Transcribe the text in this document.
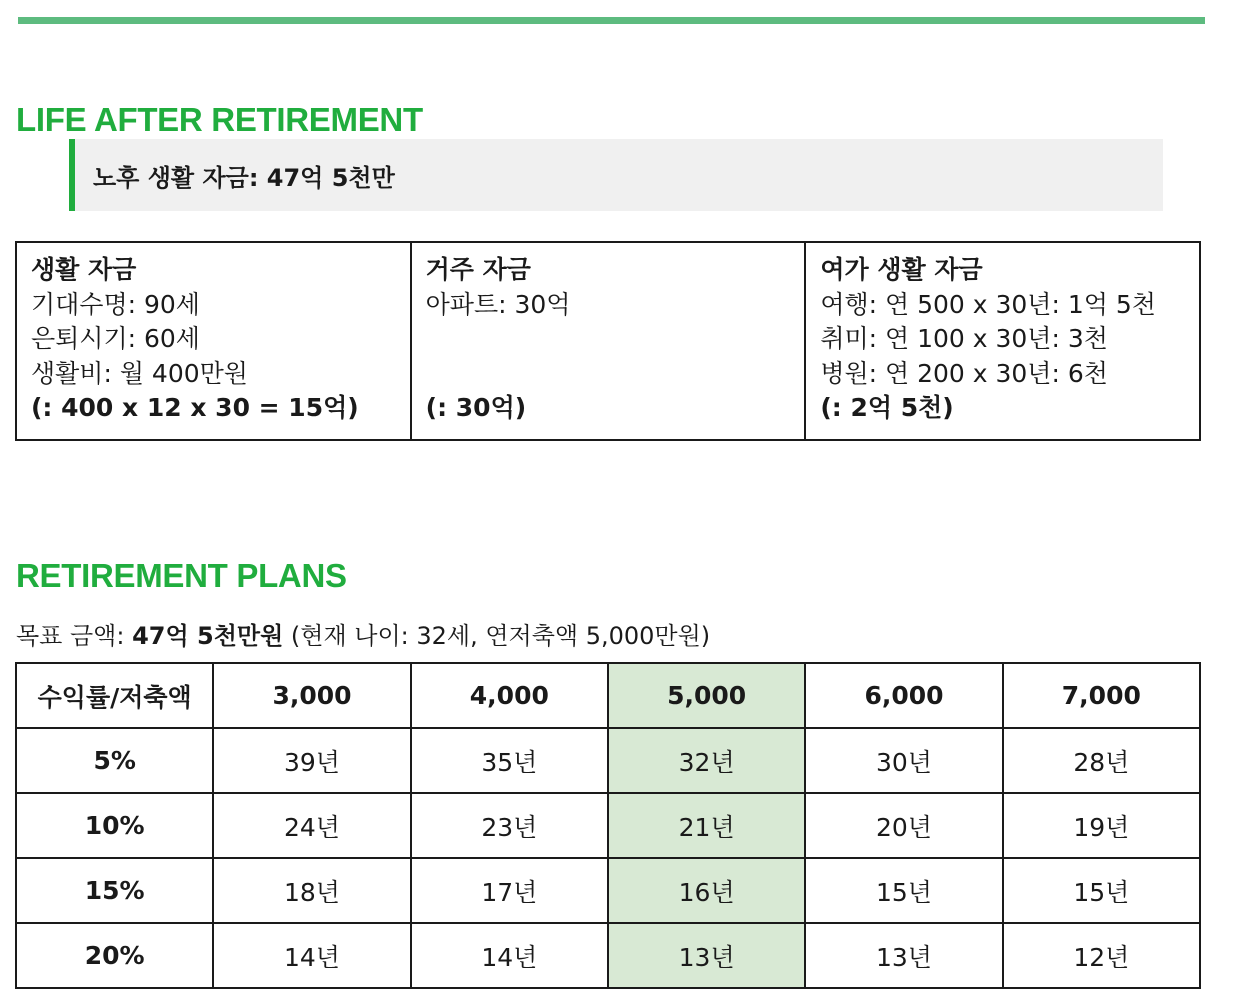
LIFE AFTER RETIREMENT
노후 생활 자금: 47억 5천만
생활 자금
기대수명: 90세
은퇴시기: 60세
생활비: 월 400만원
(: 400 x 12 x 30 = 15억)

거주 자금
아파트: 30억
(: 30억)

여가 생활 자금
여행: 연 500 x 30년: 1억 5천
취미: 연 100 x 30년: 3천
병원: 연 200 x 30년: 6천
(: 2억 5천)
RETIREMENT PLANS
목표 금액: 47억 5천만원 (현재 나이: 32세, 연저축액 5,000만원)
수익률/저축액	3,000	4,000	5,000	6,000	7,000
5%	39년	35년	32년	30년	28년
10%	24년	23년	21년	20년	19년
15%	18년	17년	16년	15년	15년
20%	14년	14년	13년	13년	12년
